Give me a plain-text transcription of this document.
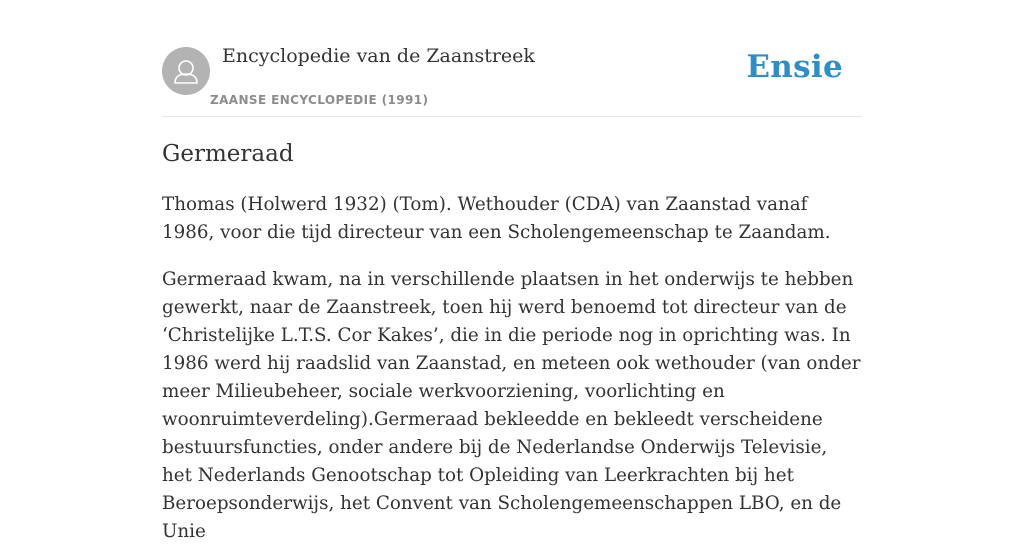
Encyclopedie van de Zaanstreek
ZAANSE ENCYCLOPEDIE (1991)
Ensie
Germeraad

Thomas (Holwerd 1932) (Tom). Wethouder (CDA) van Zaanstad vanaf 1986, voor die tijd directeur van een Scholengemeenschap te Zaandam.

Germeraad kwam, na in verschillende plaatsen in het onderwijs te hebben gewerkt, naar de Zaanstreek, toen hij werd benoemd tot directeur van de ‘Christelijke L.T.S. Cor Kakes’, die in die periode nog in oprichting was. In 1986 werd hij raadslid van Zaanstad, en meteen ook wethouder (van onder meer Milieubeheer, sociale werkvoorziening, voorlichting en woonruimteverdeling).Germeraad bekleedde en bekleedt verscheidene bestuursfuncties, onder andere bij de Nederlandse Onderwijs Televisie, het Nederlands Genootschap tot Opleiding van Leerkrachten bij het Beroepsonderwijs, het Convent van Scholengemeenschappen LBO, en de Unie
